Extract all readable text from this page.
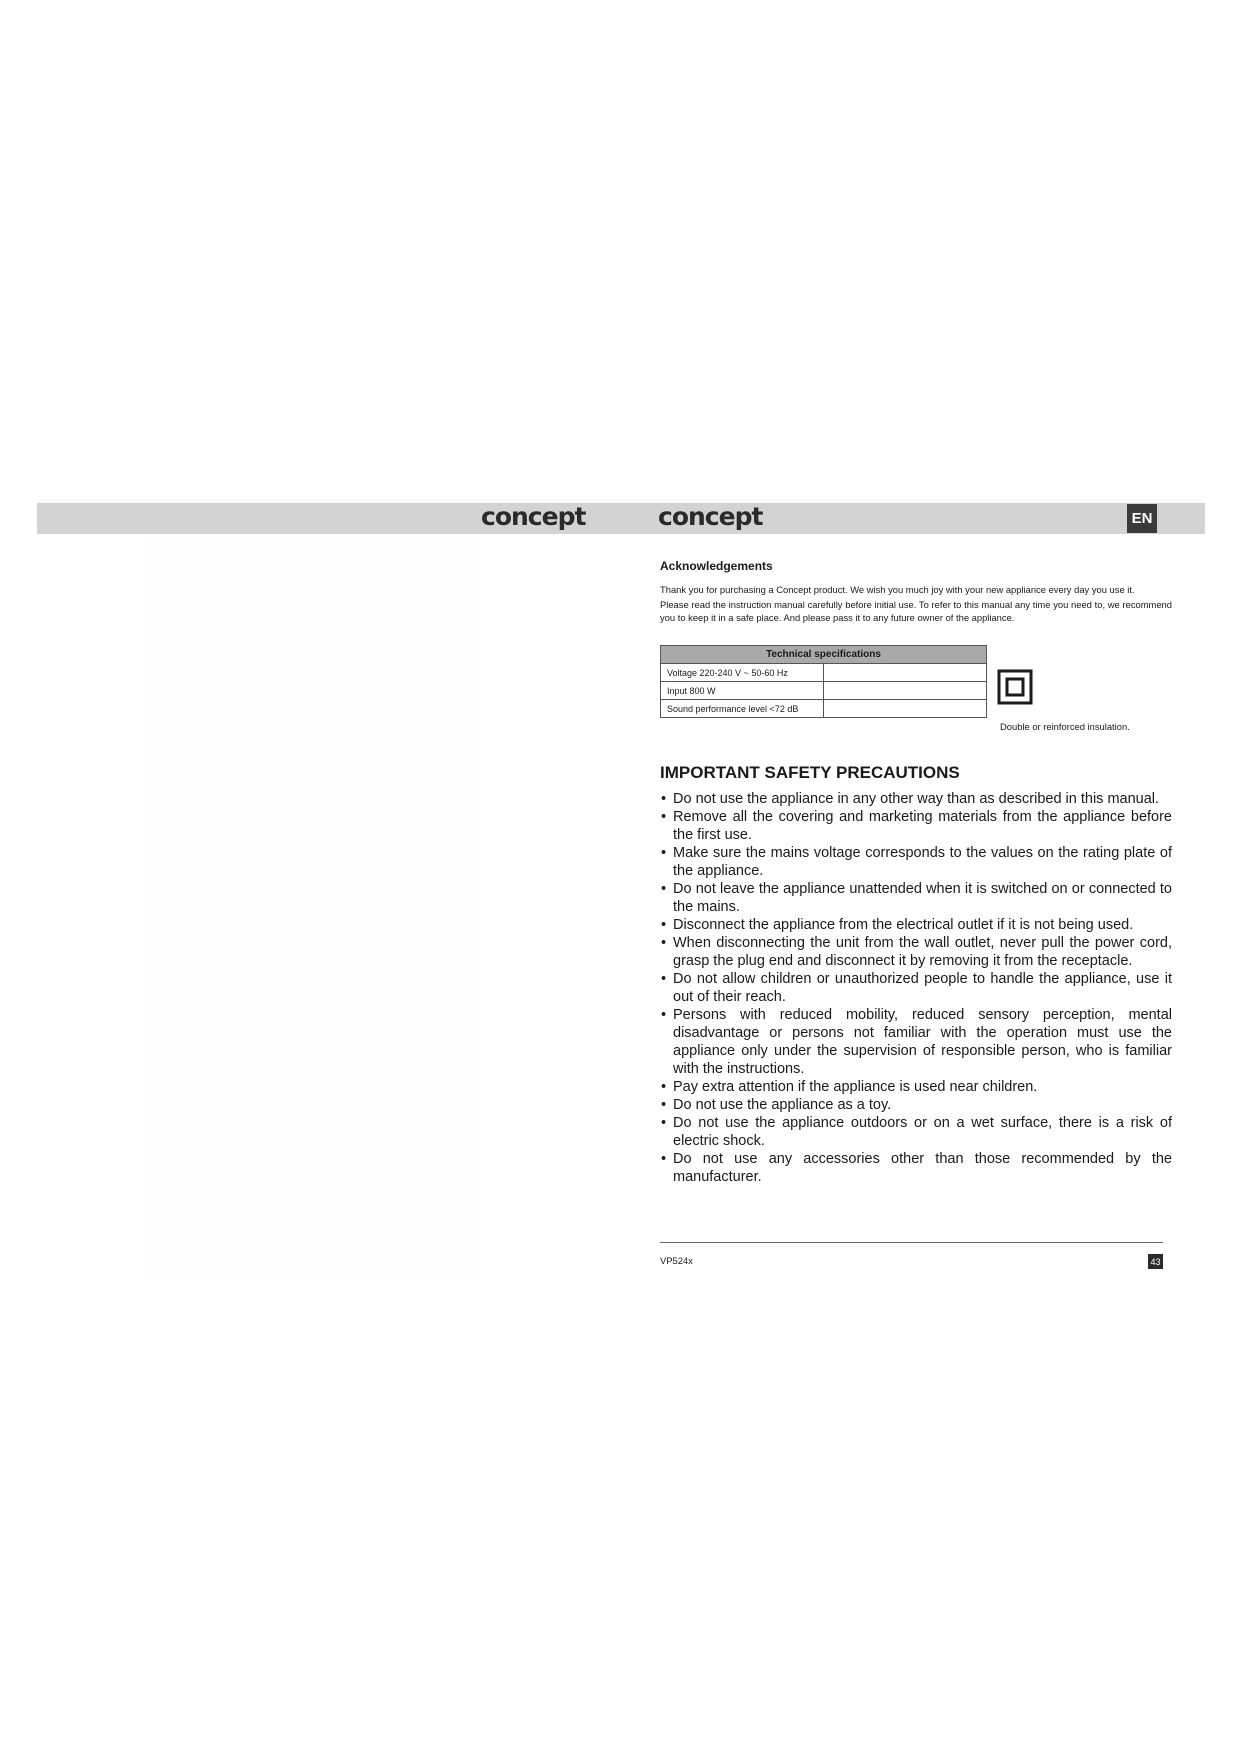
concept	concept	EN
Acknowledgements

Thank you for purchasing a Concept product. We wish you much joy with your new appliance every day you use it.

Please read the instruction manual carefully before initial use. To refer to this manual any time you need to, we recommend you to keep it in a safe place. And please pass it to any future owner of the appliance.

Technical specifications	
Voltage 220-240 V ~ 50-60 Hz	
Input 800 W	
Sound performance level <72 dB	
Double or reinforced insulation.
IMPORTANT SAFETY PRECAUTIONS
• Do not use the appliance in any other way than as described in this manual.
• Remove all the covering and marketing materials from the appliance before the first use.
• Make sure the mains voltage corresponds to the values on the rating plate of the appliance.
• Do not leave the appliance unattended when it is switched on or connected to the mains.
• Disconnect the appliance from the electrical outlet if it is not being used.
• When disconnecting the unit from the wall outlet, never pull the power cord, grasp the plug end and disconnect it by removing it from the receptacle.
• Do not allow children or unauthorized people to handle the appliance, use it out of their reach.
• Persons with reduced mobility, reduced sensory perception, mental disadvantage or persons not familiar with the operation must use the appliance only under the supervision of responsible person, who is familiar with the instructions.
• Pay extra attention if the appliance is used near children.
• Do not use the appliance as a toy.
• Do not use the appliance outdoors or on a wet surface, there is a risk of electric shock.
• Do not use any accessories other than those recommended by the manufacturer.
VP524x	43
